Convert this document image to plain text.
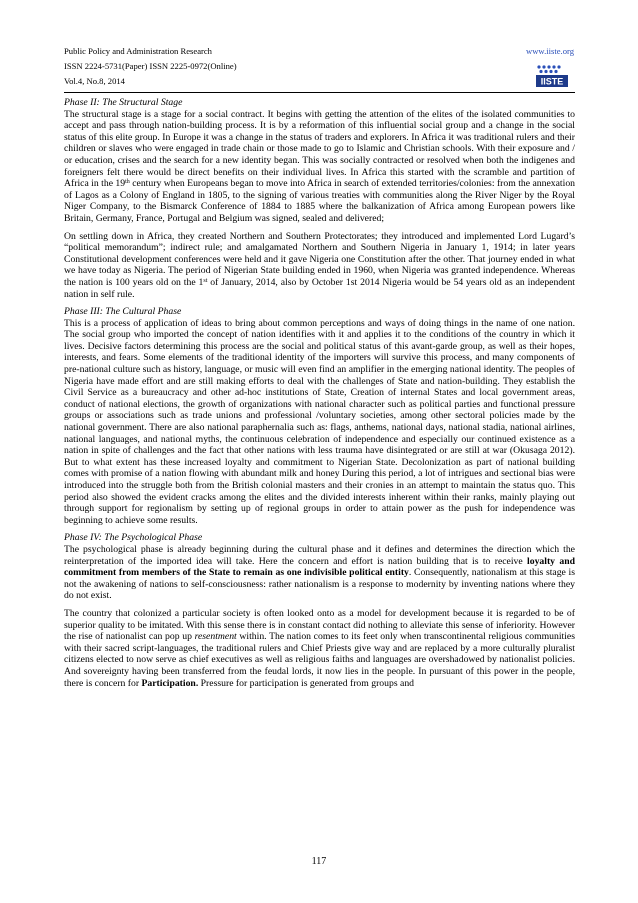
Public Policy and Administration Research
ISSN 2224-5731(Paper) ISSN 2225-0972(Online)
Vol.4, No.8, 2014
www.iiste.org
IISTE

Phase II: The Structural Stage

The structural stage is a stage for a social contract. It begins with getting the attention of the elites of the isolated communities to accept and pass through nation-building process. It is by a reformation of this influential social group and a change in the social status of this elite group. In Europe it was a change in the status of traders and explorers. In Africa it was traditional rulers and their children or slaves who were engaged in trade chain or those made to go to Islamic and Christian schools. With their exposure and / or education, crises and the search for a new identity began. This was socially contracted or resolved when both the indigenes and foreigners felt there would be direct benefits on their individual lives. In Africa this started with the scramble and partition of Africa in the 19th century when Europeans began to move into Africa in search of extended territories/colonies: from the annexation of Lagos as a Colony of England in 1805, to the signing of various treaties with communities along the River Niger by the Royal Niger Company, to the Bismarck Conference of 1884 to 1885 where the balkanization of Africa among European powers like Britain, Germany, France, Portugal and Belgium was signed, sealed and delivered;

On settling down in Africa, they created Northern and Southern Protectorates; they introduced and implemented Lord Lugard’s “political memorandum”; indirect rule; and amalgamated Northern and Southern Nigeria in January 1, 1914; in later years Constitutional development conferences were held and it gave Nigeria one Constitution after the other. That journey ended in what we have today as Nigeria. The period of Nigerian State building ended in 1960, when Nigeria was granted independence. Whereas the nation is 100 years old on the 1st of January, 2014, also by October 1st 2014 Nigeria would be 54 years old as an independent nation in self rule.

Phase III: The Cultural Phase

This is a process of application of ideas to bring about common perceptions and ways of doing things in the name of one nation. The social group who imported the concept of nation identifies with it and applies it to the conditions of the country in which it lives. Decisive factors determining this process are the social and political status of this avant-garde group, as well as their hopes, interests, and fears. Some elements of the traditional identity of the importers will survive this process, and many components of pre-national culture such as history, language, or music will even find an amplifier in the emerging national identity. The peoples of Nigeria have made effort and are still making efforts to deal with the challenges of State and nation-building. They establish the Civil Service as a bureaucracy and other ad-hoc institutions of State, Creation of internal States and local government areas, conduct of national elections, the growth of organizations with national character such as political parties and functional pressure groups or associations such as trade unions and professional /voluntary societies, among other sectoral policies made by the national government. There are also national paraphernalia such as: flags, anthems, national days, national stadia, national airlines, national languages, and national myths, the continuous celebration of independence and especially our continued existence as a nation in spite of challenges and the fact that other nations with less trauma have disintegrated or are still at war (Okusaga 2012). But to what extent has these increased loyalty and commitment to Nigerian State. Decolonization as part of national building comes with promise of a nation flowing with abundant milk and honey During this period, a lot of intrigues and sectional bias were introduced into the struggle both from the British colonial masters and their cronies in an attempt to maintain the status quo. This period also showed the evident cracks among the elites and the divided interests inherent within their ranks, mainly playing out through support for regionalism by setting up of regional groups in order to attain power as the push for independence was beginning to achieve some results.

Phase IV: The Psychological Phase

The psychological phase is already beginning during the cultural phase and it defines and determines the direction which the reinterpretation of the imported idea will take. Here the concern and effort is nation building that is to receive loyalty and commitment from members of the State to remain as one indivisible political entity. Consequently, nationalism at this stage is not the awakening of nations to self-consciousness: rather nationalism is a response to modernity by inventing nations where they do not exist.

The country that colonized a particular society is often looked onto as a model for development because it is regarded to be of superior quality to be imitated. With this sense there is in constant contact did nothing to alleviate this sense of inferiority. However the rise of nationalist can pop up resentment within. The nation comes to its feet only when transcontinental religious communities with their sacred script-languages, the traditional rulers and Chief Priests give way and are replaced by a more culturally pluralist citizens elected to now serve as chief executives as well as religious faiths and languages are overshadowed by nationalist policies. And sovereignty having been transferred from the feudal lords, it now lies in the people. In pursuant of this power in the people, there is concern for Participation. Pressure for participation is generated from groups and

117
